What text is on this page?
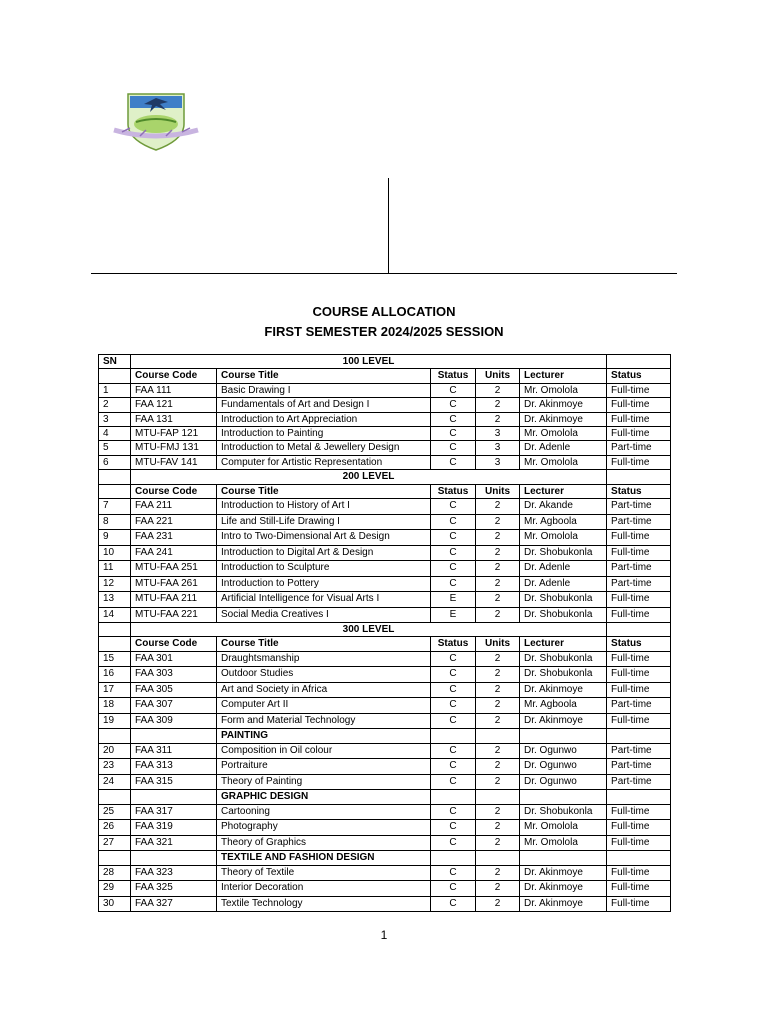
COURSE ALLOCATION
FIRST SEMESTER 2024/2025 SESSION
SN	100 LEVEL					
	Course Code	Course Title	Status	Units	Lecturer	Status
1	FAA 111	Basic Drawing I	C	2	Mr. Omolola	Full-time
2	FAA 121	Fundamentals of Art and Design I	C	2	Dr. Akinmoye	Full-time
3	FAA 131	Introduction to Art Appreciation	C	2	Dr. Akinmoye	Full-time
4	MTU-FAP 121	Introduction to Painting	C	3	Mr. Omolola	Full-time
5	MTU-FMJ 131	Introduction to Metal & Jewellery Design	C	3	Dr. Adenle	Part-time
6	MTU-FAV 141	Computer for Artistic Representation	C	3	Mr. Omolola	Full-time
	200 LEVEL					
	Course Code	Course Title	Status	Units	Lecturer	Status
7	FAA 211	Introduction to History of Art I	C	2	Dr. Akande	Part-time
8	FAA 221	Life and Still-Life Drawing I	C	2	Mr. Agboola	Part-time
9	FAA 231	Intro to Two-Dimensional Art & Design	C	2	Mr. Omolola	Full-time
10	FAA 241	Introduction to Digital Art & Design	C	2	Dr. Shobukonla	Full-time
11	MTU-FAA 251	Introduction to Sculpture	C	2	Dr. Adenle	Part-time
12	MTU-FAA 261	Introduction to Pottery	C	2	Dr. Adenle	Part-time
13	MTU-FAA 211	Artificial Intelligence for Visual Arts I	E	2	Dr. Shobukonla	Full-time
14	MTU-FAA 221	Social Media Creatives I	E	2	Dr. Shobukonla	Full-time
	300 LEVEL					
	Course Code	Course Title	Status	Units	Lecturer	Status
15	FAA 301	Draughtsmanship	C	2	Dr. Shobukonla	Full-time
16	FAA 303	Outdoor Studies	C	2	Dr. Shobukonla	Full-time
17	FAA 305	Art and Society in Africa	C	2	Dr. Akinmoye	Full-time
18	FAA 307	Computer Art II	C	2	Mr. Agboola	Part-time
19	FAA 309	Form and Material Technology	C	2	Dr. Akinmoye	Full-time
		PAINTING				
20	FAA 311	Composition in Oil colour	C	2	Dr. Ogunwo	Part-time
23	FAA 313	Portraiture	C	2	Dr. Ogunwo	Part-time
24	FAA 315	Theory of Painting	C	2	Dr. Ogunwo	Part-time
		GRAPHIC DESIGN				
25	FAA 317	Cartooning	C	2	Dr. Shobukonla	Full-time
26	FAA 319	Photography	C	2	Mr. Omolola	Full-time
27	FAA 321	Theory of Graphics	C	2	Mr. Omolola	Full-time
		TEXTILE AND FASHION DESIGN				
28	FAA 323	Theory of Textile	C	2	Dr. Akinmoye	Full-time
29	FAA 325	Interior Decoration	C	2	Dr. Akinmoye	Full-time
30	FAA 327	Textile Technology	C	2	Dr. Akinmoye	Full-time
1
